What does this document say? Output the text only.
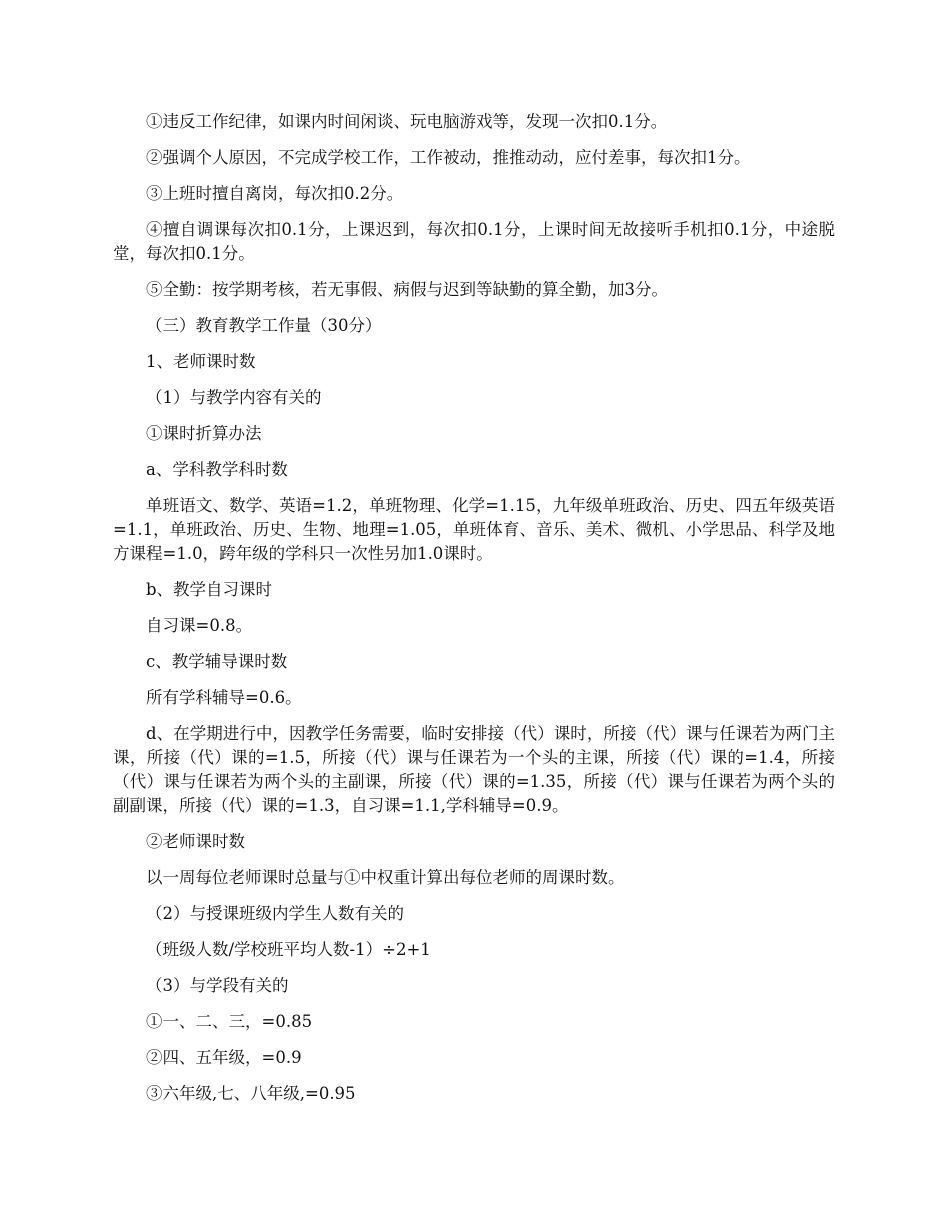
①违反工作纪律，如课内时间闲谈、玩电脑游戏等，发现一次扣0.1分。

②强调个人原因，不完成学校工作，工作被动，推推动动，应付差事，每次扣1分。

③上班时擅自离岗，每次扣0.2分。

④擅自调课每次扣0.1分，上课迟到，每次扣0.1分，上课时间无故接听手机扣0.1分，中途脱堂，每次扣0.1分。

⑤全勤：按学期考核，若无事假、病假与迟到等缺勤的算全勤，加3分。

（三）教育教学工作量（30分）

1、老师课时数

（1）与教学内容有关的

①课时折算办法

a、学科教学科时数

单班语文、数学、英语=1.2，单班物理、化学=1.15，九年级单班政治、历史、四五年级英语=1.1，单班政治、历史、生物、地理=1.05，单班体育、音乐、美术、微机、小学思品、科学及地方课程=1.0，跨年级的学科只一次性另加1.0课时。

b、教学自习课时

自习课=0.8。

c、教学辅导课时数

所有学科辅导=0.6。

d、在学期进行中，因教学任务需要，临时安排接（代）课时，所接（代）课与任课若为两门主课，所接（代）课的=1.5，所接（代）课与任课若为一个头的主课，所接（代）课的=1.4，所接（代）课与任课若为两个头的主副课，所接（代）课的=1.35，所接（代）课与任课若为两个头的副副课，所接（代）课的=1.3，自习课=1.1,学科辅导=0.9。

②老师课时数

以一周每位老师课时总量与①中权重计算出每位老师的周课时数。

（2）与授课班级内学生人数有关的

（班级人数/学校班平均人数-1）÷2+1

（3）与学段有关的

①一、二、三，=0.85

②四、五年级，=0.9

③六年级,七、八年级,=0.95
